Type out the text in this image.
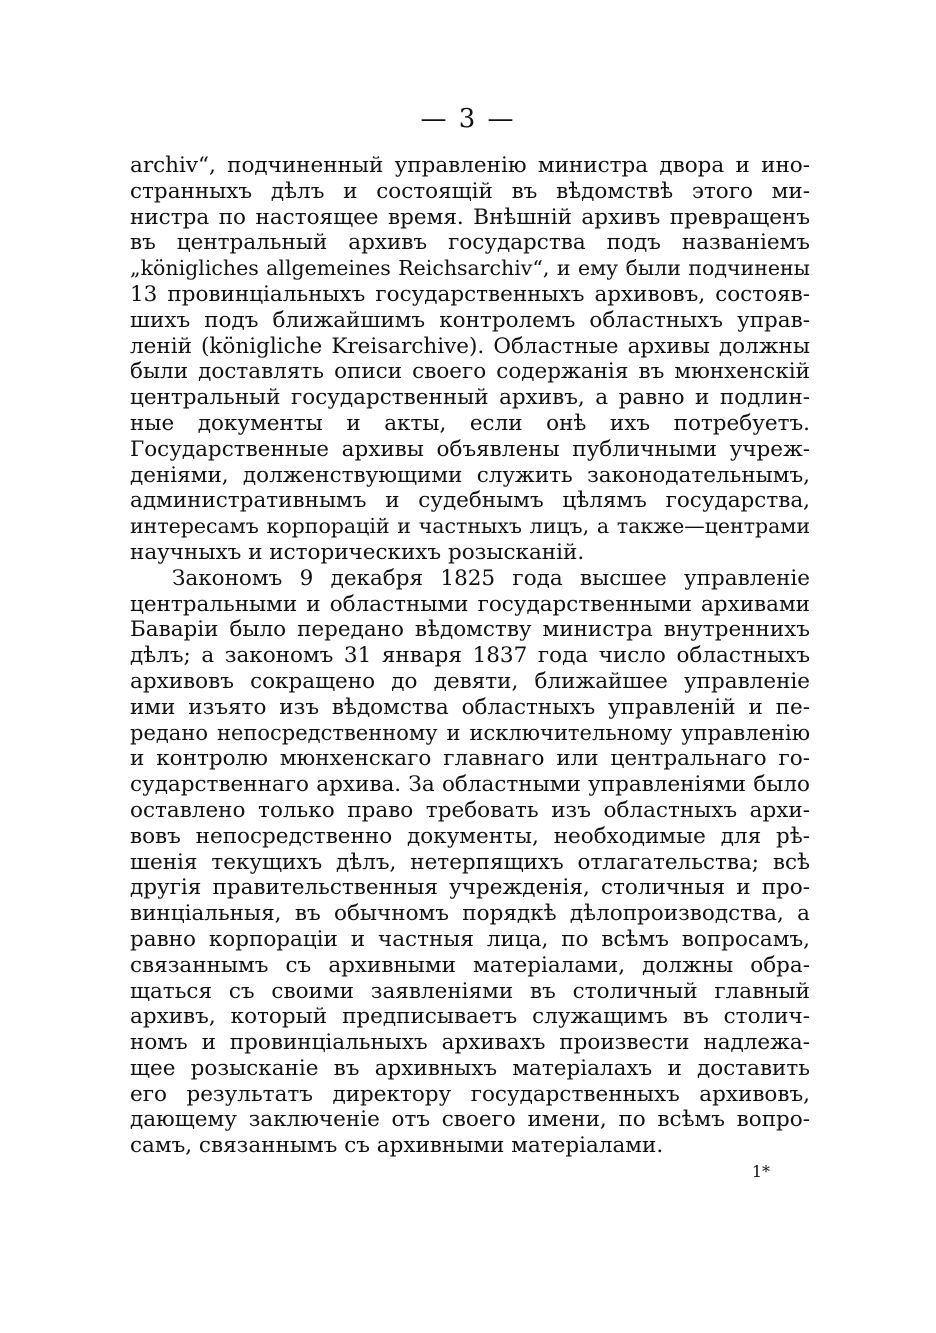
— 3 —
archiv“, подчиненный управленію министра двора и ино-
странныхъ дѣлъ и состоящій въ вѣдомствѣ этого ми-
нистра по настоящее время. Внѣшній архивъ превращенъ
въ центральный архивъ государства подъ названіемъ
„königliches allgemeines Reichsarchiv“, и ему были подчинены
13 провинціальныхъ государственныхъ архивовъ, состояв-
шихъ подъ ближайшимъ контролемъ областныхъ управ-
леній (königliche Kreisarchive). Областные архивы должны
были доставлять описи своего содержанія въ мюнхенскій
центральный государственный архивъ, а равно и подлин-
ные документы и акты, если онѣ ихъ потребуетъ.
Государственные архивы объявлены публичными учреж-
деніями, долженствующими служить законодательнымъ,
административнымъ и судебнымъ цѣлямъ государства,
интересамъ корпорацій и частныхъ лицъ, а также—центрами
научныхъ и историческихъ розысканій.
Закономъ 9 декабря 1825 года высшее управленіе
центральными и областными государственными архивами
Баваріи было передано вѣдомству министра внутреннихъ
дѣлъ; а закономъ 31 января 1837 года число областныхъ
архивовъ сокращено до девяти, ближайшее управленіе
ими изъято изъ вѣдомства областныхъ управленій и пе-
редано непосредственному и исключительному управленію
и контролю мюнхенскаго главнаго или центральнаго го-
сударственнаго архива. За областными управленіями было
оставлено только право требовать изъ областныхъ архи-
вовъ непосредственно документы, необходимые для рѣ-
шенія текущихъ дѣлъ, нетерпящихъ отлагательства; всѣ
другія правительственныя учрежденія, столичныя и про-
винціальныя, въ обычномъ порядкѣ дѣлопроизводства, а
равно корпораціи и частныя лица, по всѣмъ вопросамъ,
связаннымъ съ архивными матеріалами, должны обра-
щаться съ своими заявленіями въ столичный главный
архивъ, который предписываетъ служащимъ въ столич-
номъ и провинціальныхъ архивахъ произвести надлежа-
щее розысканіе въ архивныхъ матеріалахъ и доставить
его результатъ директору государственныхъ архивовъ,
дающему заключеніе отъ своего имени, по всѣмъ вопро-
самъ, связаннымъ съ архивными матеріалами.
1*
